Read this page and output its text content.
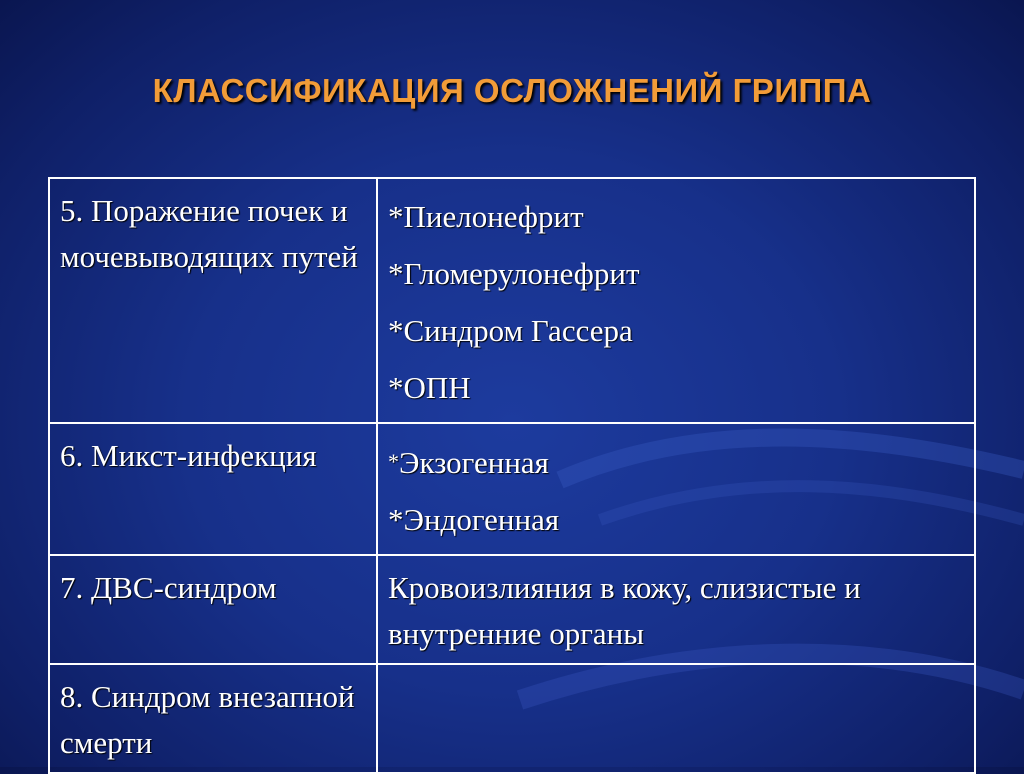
КЛАССИФИКАЦИЯ ОСЛОЖНЕНИЙ ГРИППА
5. Поражение почек и мочевыводящих путей	*Пиелонефрит
*Гломерулонефрит
*Синдром Гассера
*ОПН

6. Микст-инфекция	*Экзогенная
*Эндогенная

7. ДВС-синдром	Кровоизлияния в кожу, слизистые и внутренние органы
8. Синдром внезапной смерти	
